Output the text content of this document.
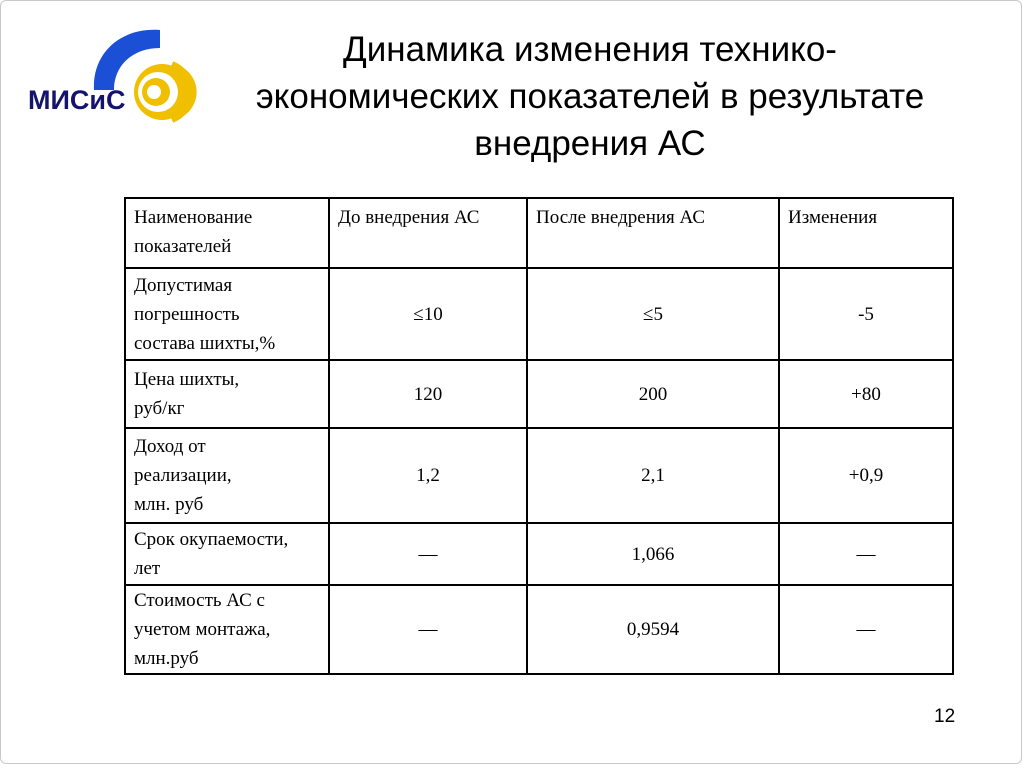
МИСиС
Динамика изменения технико-
экономических показателей в результате
внедрения АС
Наименование показателей	До внедрения АС	После внедрения АС	Изменения

Допустимая
погрешность
состава шихты,%	≤10	≤5	-5

Цена шихты,
руб/кг	120	200	+80

Доход от
реализации,
млн. руб	1,2	2,1	+0,9

Срок окупаемости,
лет	—	1,066	—

Стоимость АС с
учетом монтажа,
млн.руб	—	0,9594	—
12
